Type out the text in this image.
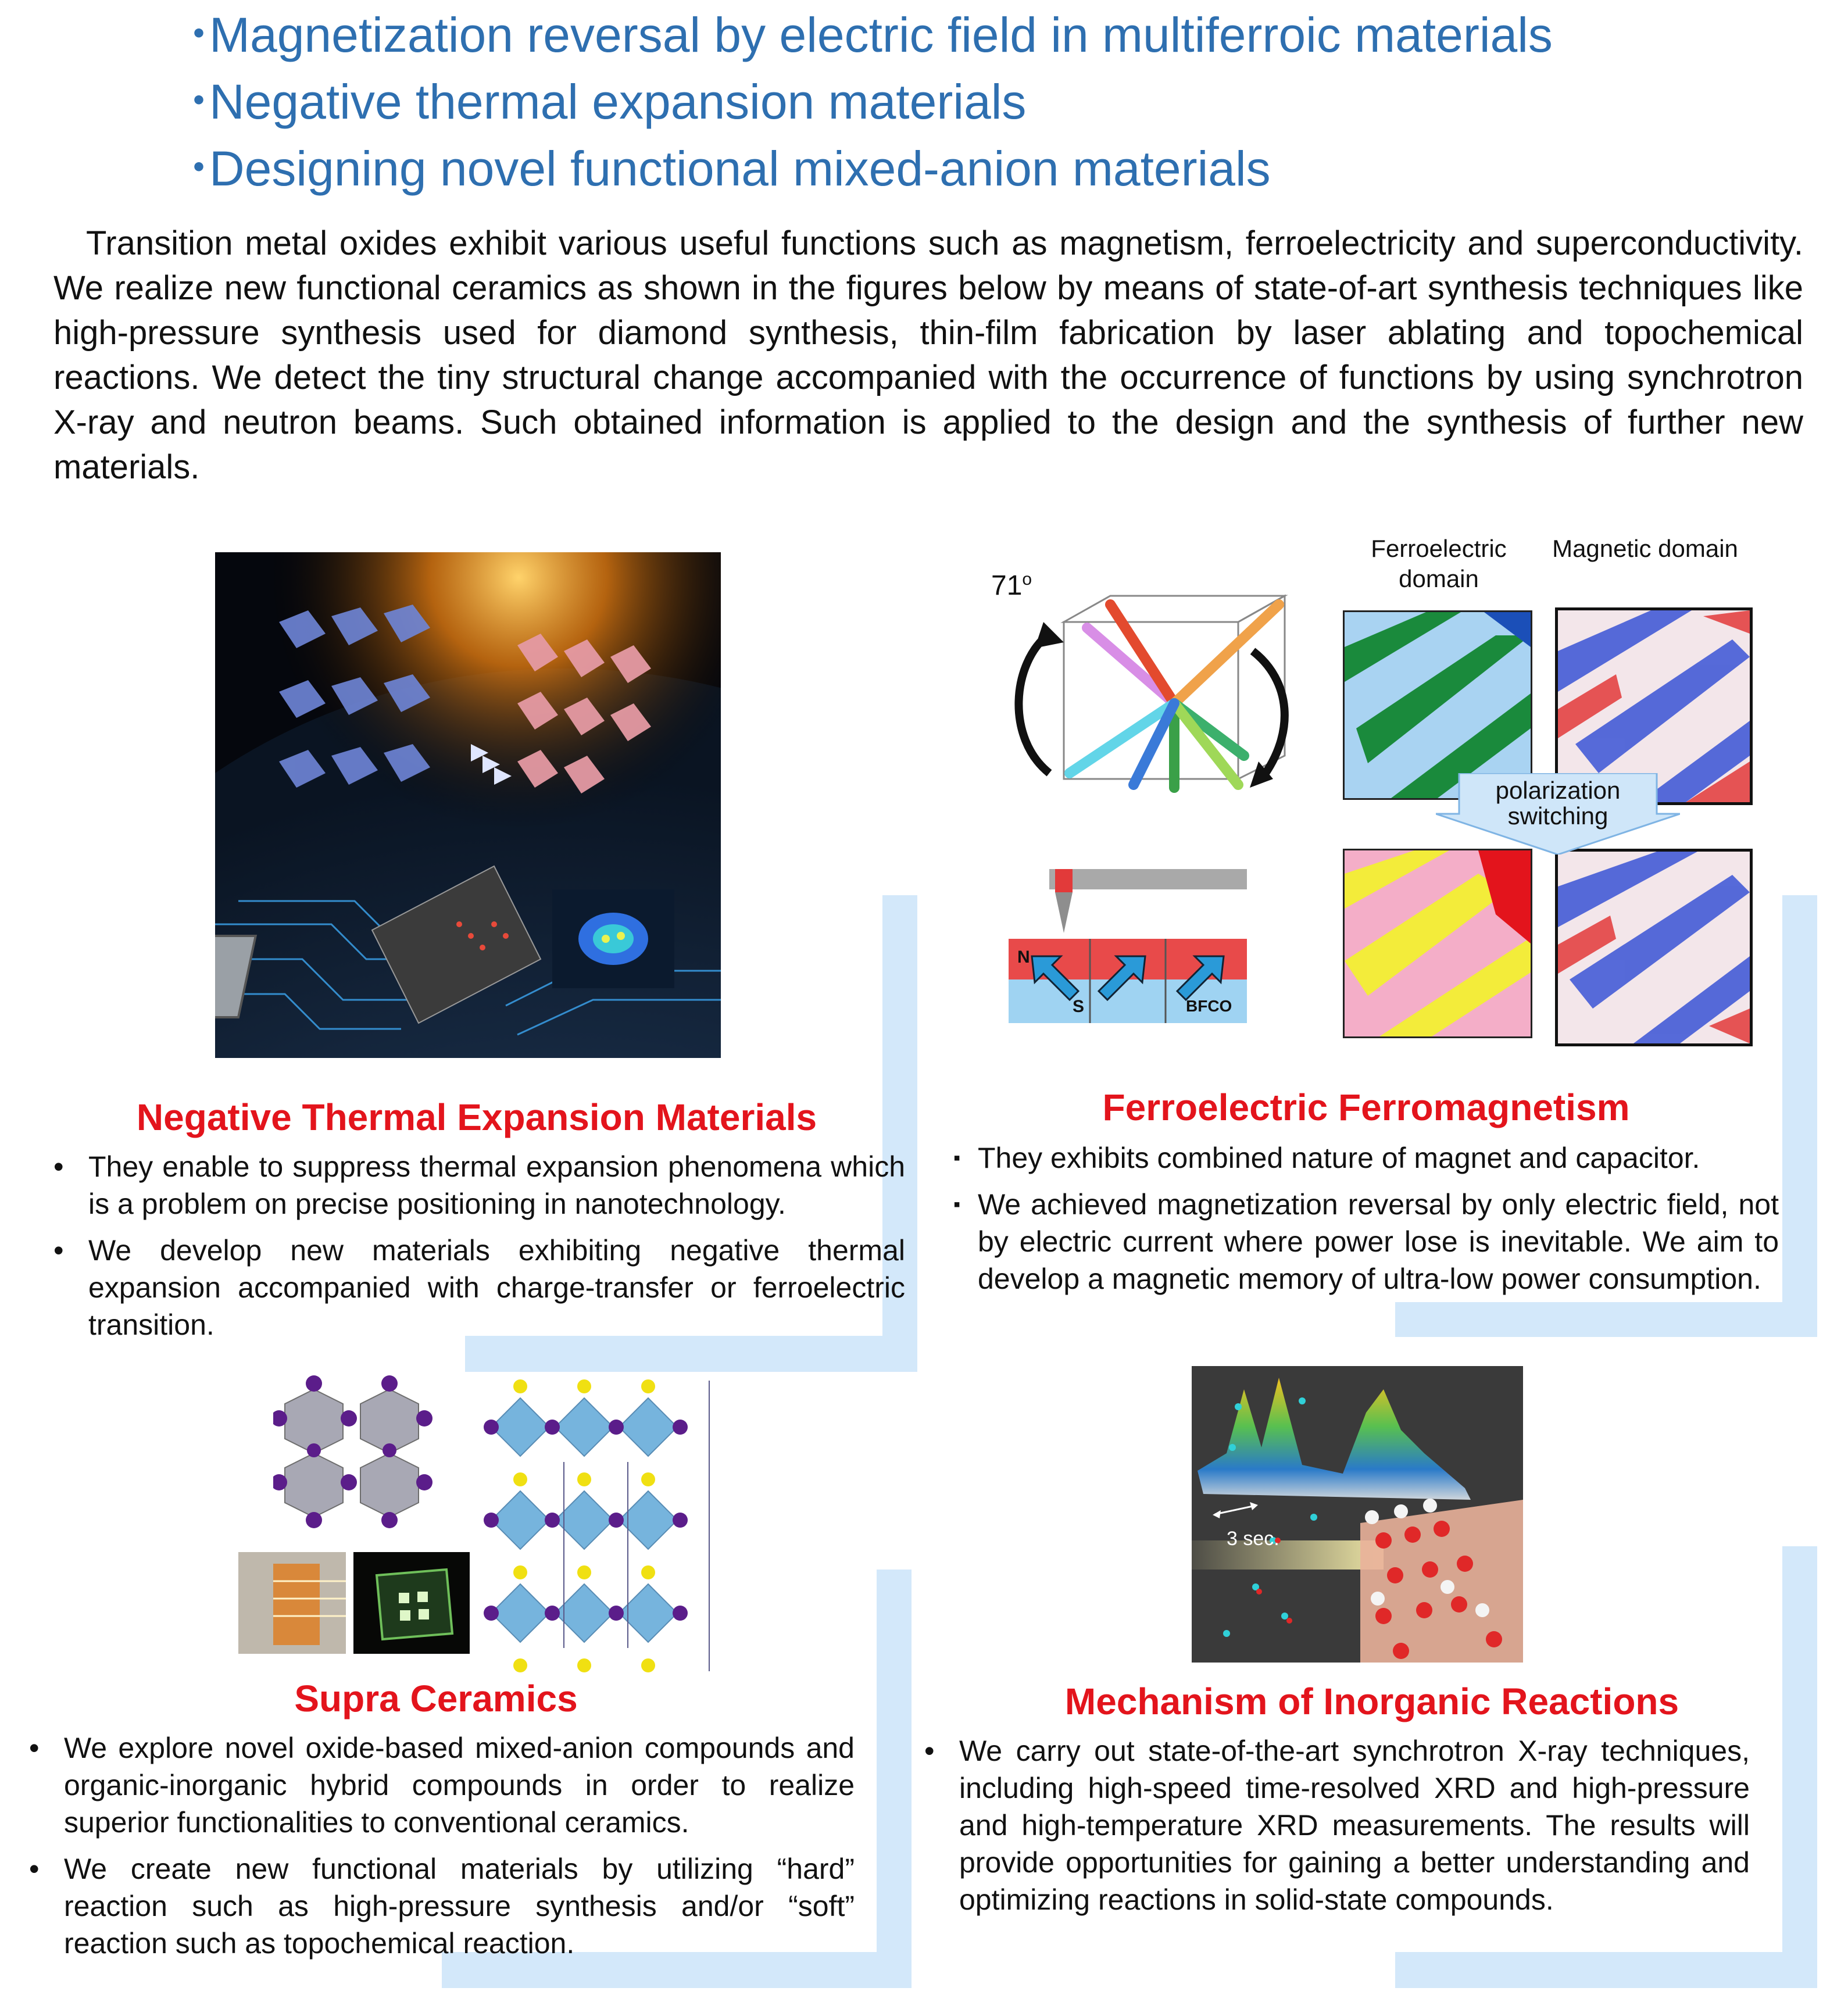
・Magnetization reversal by electric field in multiferroic materials
・Negative thermal expansion materials
・Designing novel functional mixed-anion materials
Transition metal oxides exhibit various useful functions such as magnetism, ferroelectricity and superconductivity. We realize new functional ceramics as shown in the figures below by means of state-of-art synthesis techniques like high-pressure synthesis used for diamond synthesis, thin-film fabrication by laser ablating and topochemical reactions. We detect the tiny structural change accompanied with the occurrence of functions by using synchrotron X-ray and neutron beams. Such obtained information is applied to the design and the synthesis of further new materials.
Negative Thermal Expansion Materials
• They enable to suppress thermal expansion phenomena which is a problem on precise positioning in nanotechnology.
• We develop new materials exhibiting negative thermal expansion accompanied with charge-transfer or ferroelectric transition.
Ferroelectric domain
Magnetic domain
71$^o$
polarization switching
N
S	BFCO
Ferroelectric Ferromagnetism
▪ They exhibits combined nature of magnet and capacitor.
▪ We achieved magnetization reversal by only electric field, not by electric current where power lose is inevitable. We aim to develop a magnetic memory of ultra-low power consumption.
Supra Ceramics
• We explore novel oxide-based mixed-anion compounds and organic-inorganic hybrid compounds in order to realize superior functionalities to conventional ceramics.
• We create new functional materials by utilizing “hard” reaction such as high-pressure synthesis and/or “soft” reaction such as topochemical reaction.
3 sec.
Mechanism of Inorganic Reactions
• We carry out state-of-the-art synchrotron X-ray techniques, including high-speed time-resolved XRD and high-pressure and high-temperature XRD measurements. The results will provide opportunities for gaining a better understanding and optimizing reactions in solid-state compounds.
